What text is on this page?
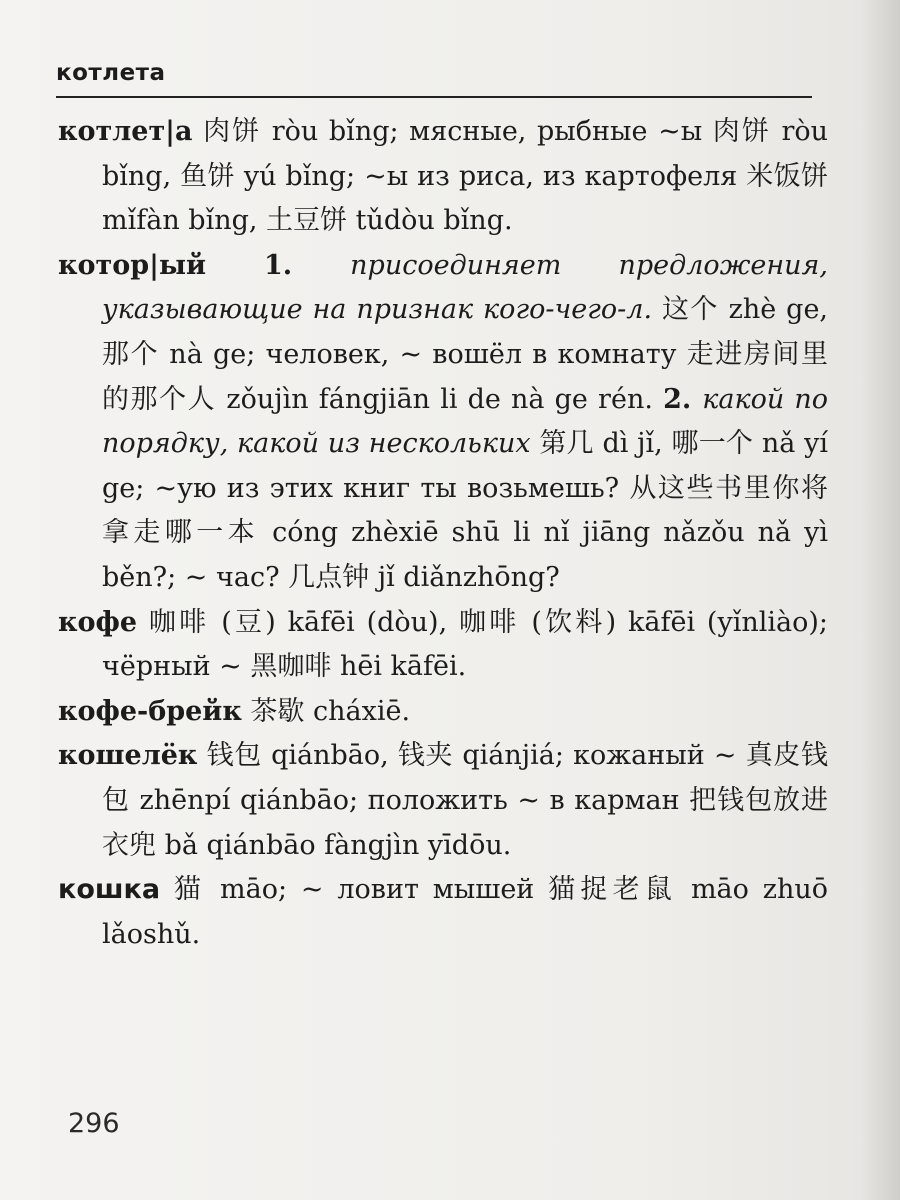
котлета

котлет|а 肉饼 ròu bǐng; мясные, рыбные ~ы 肉饼 ròu bǐng, 鱼饼 yú bǐng; ~ы из риса, из картофеля 米饭饼 mǐfàn bǐng, 土豆饼 tǔdòu bǐng.

котор|ый 1. присоединяет предложения, указывающие на признак кого-чего-л. 这个 zhè ge, 那个 nà ge; человек, ~ вошёл в комнату 走进房间里的那个人 zǒujìn fángjiān li de nà ge rén. 2. какой по порядку, какой из нескольких 第几 dì jǐ, 哪一个 nǎ yí ge; ~ую из этих книг ты возьмешь? 从这些书里你将拿走哪一本 cóng zhèxiē shū li nǐ jiāng nǎzǒu nǎ yì běn?; ~ час? 几点钟 jǐ diǎnzhōng?

кофе 咖啡 (豆) kāfēi (dòu), 咖啡 (饮料) kāfēi (yǐnliào); чёрный ~ 黑咖啡 hēi kāfēi.

кофе-брейк 茶歇 cháxiē.

кошелёк 钱包 qiánbāo, 钱夹 qiánjiá; кожаный ~ 真皮钱包 zhēnpí qiánbāo; положить ~ в карман 把钱包放进衣兜 bǎ qiánbāo fàngjìn yīdōu.

кошка 猫 māo; ~ ловит мышей 猫捉老鼠 māo zhuō lǎoshǔ.

296
